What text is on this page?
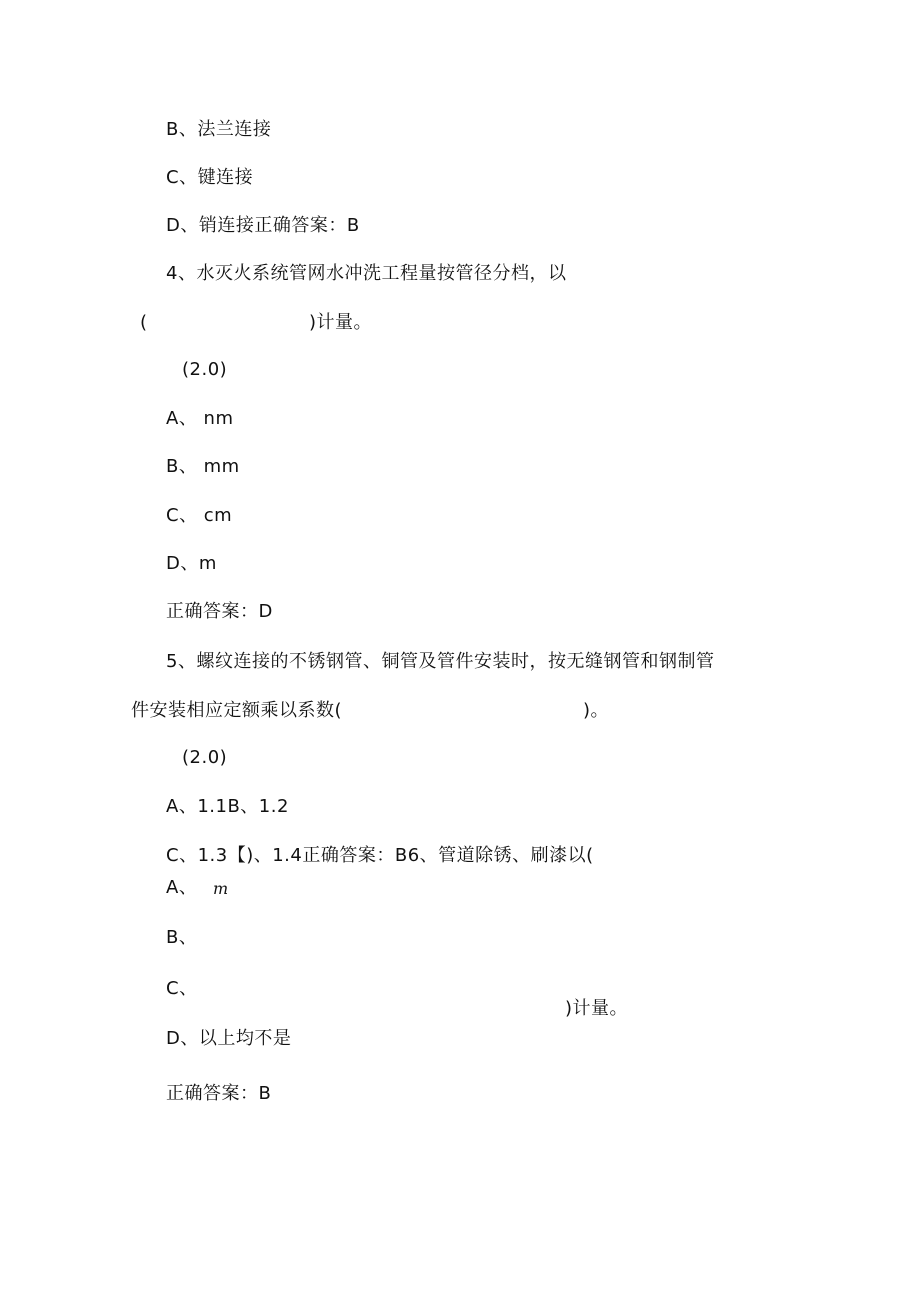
B、法兰连接
C、键连接
D、销连接正确答案：B
4、水灭火系统管网水冲洗工程量按管径分档，以
(	)计量。
(2.0)
A、 nm
B、 mm
C、 cm
D、m
正确答案：D
5、螺纹连接的不锈钢管、铜管及管件安装时，按无缝钢管和钢制管
件安装相应定额乘以系数(	)。
(2.0)
A、1.1B、1.2
C、1.3【)、1.4正确答案：B6、管道除锈、刷漆以(
A、 m
B、
C、
)计量。
D、以上均不是
正确答案：B
